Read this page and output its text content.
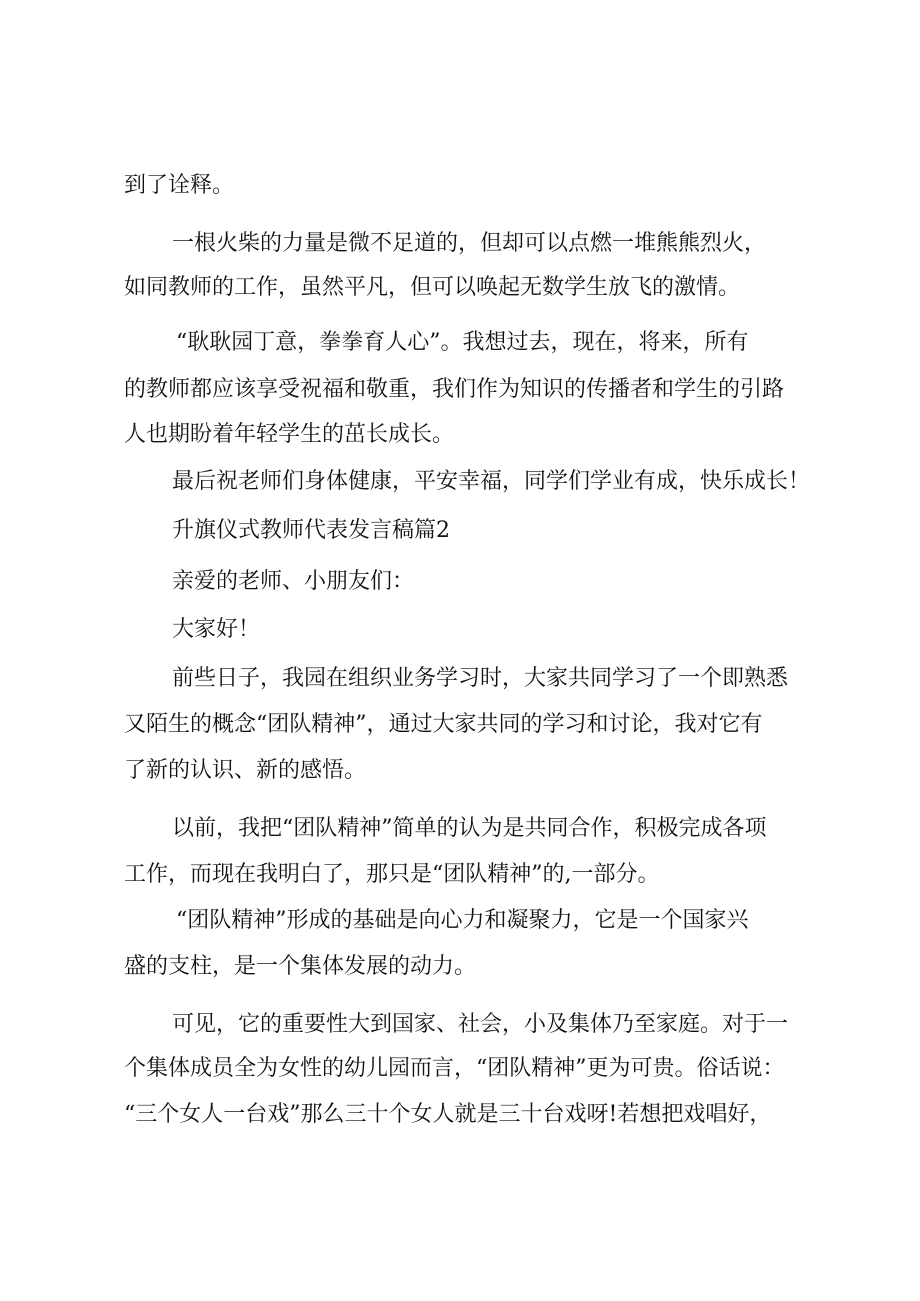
到了诠释。
一根火柴的力量是微不足道的，但却可以点燃一堆熊熊烈火，
如同教师的工作，虽然平凡，但可以唤起无数学生放飞的激情。
“耿耿园丁意，拳拳育人心”。我想过去，现在，将来，所有
的教师都应该享受祝福和敬重，我们作为知识的传播者和学生的引路
人也期盼着年轻学生的茁长成长。
最后祝老师们身体健康，平安幸福，同学们学业有成，快乐成长！
升旗仪式教师代表发言稿篇2
亲爱的老师、小朋友们：
大家好！
前些日子，我园在组织业务学习时，大家共同学习了一个即熟悉
又陌生的概念“团队精神”，通过大家共同的学习和讨论，我对它有
了新的认识、新的感悟。
以前，我把“团队精神”简单的认为是共同合作，积极完成各项
工作，而现在我明白了，那只是“团队精神”的,一部分。
“团队精神”形成的基础是向心力和凝聚力，它是一个国家兴
盛的支柱，是一个集体发展的动力。
可见，它的重要性大到国家、社会，小及集体乃至家庭。对于一
个集体成员全为女性的幼儿园而言，“团队精神”更为可贵。俗话说：
“三个女人一台戏”那么三十个女人就是三十台戏呀!若想把戏唱好，
